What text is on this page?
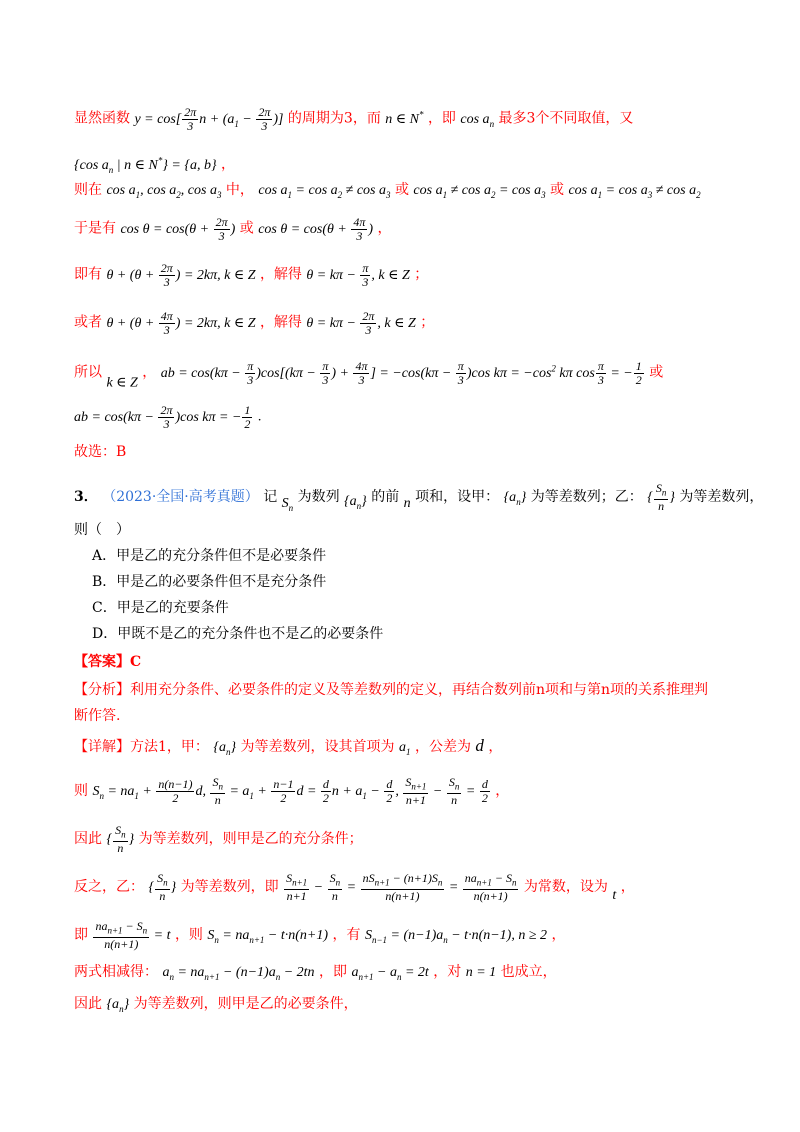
显然函数 $y = \cos[ \frac{2\pi}{3}$ $n + (a_1 - \frac{2\pi}{3}$ )] 的周期为3，而 n ∈ N* ，即 $\cos a_n$ 最多3个不同取值，又
{cos $a_n$ | n ∈ N*} = {a, b} ，
则在 $\cos a_1$, $\cos a_2$, $\cos a_3$ 中， $\cos a_1 = \cos a_2 \ne \cos a_3$ 或 $\cos a_1 \ne \cos a_2 = \cos a_3$ 或 $\cos a_1 = \cos a_3 \ne \cos a_2$
于是有 $\cos \theta = \cos(\theta + \frac{2\pi}{3}$ ) 或 $\cos \theta = \cos(\theta + \frac{4\pi}{3}$ ) ，
即有 $\theta + (\theta + \frac{2\pi}{3}$ ) = 2kπ, k ∈ Z ，解得 $\theta = k\pi - \frac{\pi}{3}$ , k ∈ Z ；
或者 $\theta + (\theta + \frac{4\pi}{3}$ ) = 2kπ, k ∈ Z ，解得 $\theta = k\pi - \frac{2\pi}{3}$ , k ∈ Z ；
所以 k ∈ Z ， ab = $\cos(k\pi - \frac{\pi}{3} )\cos[(k\pi - \frac{\pi}{3}$ ) + $\frac{4\pi}{3}$ ] = $-\cos(k\pi - \frac{\pi}{3} )\cos$ $k\pi = -\cos^2$ kπ $\cos \frac{\pi}{3}$ = − $\frac{1}{2}$ 或
ab = $\cos(k\pi - \frac{2\pi}{3} )\cos$ kπ = − $\frac{1}{2}$ .
故选：B
3． （2023·全国·高考真题） 记 $S_n$ 为数列 $\{a_n\}$ 的前 n 项和，设甲： $\{a_n\}$ 为等差数列；乙： { $\frac{S_n}{n}$ } 为等差数列，
则（　）
A．甲是乙的充分条件但不是必要条件
B．甲是乙的必要条件但不是充分条件
C．甲是乙的充要条件
D．甲既不是乙的充分条件也不是乙的必要条件
【答案】C
【分析】利用充分条件、必要条件的定义及等差数列的定义，再结合数列前n项和与第n项的关系推理判
断作答.
【详解】方法1，甲： $\{a_n\}$ 为等差数列，设其首项为 $a_1$ ，公差为 d ，
则 $S_n = na_1 + \frac{n(n-1)}{2} d$, $\frac{S_n}{n} = a_1 + \frac{n-1}{2}$ $d = \frac{d}{2}$ $n + a_1 - \frac{d}{2}$ , $\frac{S_{n+1}}{n+1} - \frac{S_n}{n} = \frac{d}{2}$ ，
因此 { $\frac{S_n}{n}$ } 为等差数列，则甲是乙的充分条件；
反之，乙： { $\frac{S_n}{n}$ } 为等差数列，即 $\frac{S_{n+1}}{n+1} - \frac{S_n}{n} = \frac{nS_{n+1} - (n+1)S_n}{n(n+1)} = \frac{na_{n+1} - S_n}{n(n+1)}$ 为常数，设为 t ，
即 $\frac{na_{n+1} - S_n}{n(n+1)} = t$ ，则 $S_n = na_{n+1} - t\cdot n(n+1)$ ，有 $S_{n-1} = (n-1)a_n - t\cdot n(n-1)$, n ≥ 2 ，
两式相减得： $a_n = na_{n+1} - (n-1)a_n - 2tn$ ，即 $a_{n+1} - a_n = 2t$ ，对 n = 1 也成立，
因此 $\{a_n\}$ 为等差数列，则甲是乙的必要条件，
